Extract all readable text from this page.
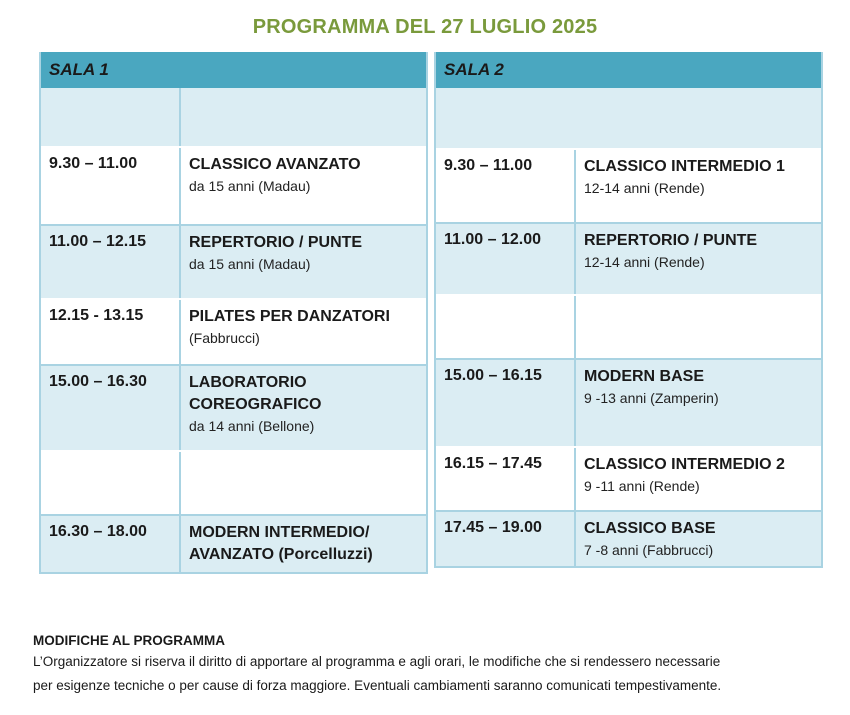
PROGRAMMA DEL 27 LUGLIO 2025
SALA 1
9.30 – 11.00	CLASSICO AVANZATO
da 15 anni (Madau)
11.00 – 12.15	REPERTORIO / PUNTE
da 15 anni (Madau)
12.15 - 13.15	PILATES PER DANZATORI
(Fabbrucci)
15.00 – 16.30	LABORATORIO COREOGRAFICO
da 14 anni (Bellone)
16.30 – 18.00	MODERN INTERMEDIO/ AVANZATO (Porcelluzzi)
SALA 2
9.30 – 11.00	CLASSICO INTERMEDIO 1
12-14 anni (Rende)
11.00 – 12.00	REPERTORIO / PUNTE
12-14 anni (Rende)
15.00 – 16.15	MODERN BASE
9 -13 anni (Zamperin)
16.15 – 17.45	CLASSICO INTERMEDIO 2
9 -11 anni (Rende)
17.45 – 19.00	CLASSICO BASE
7 -8 anni (Fabbrucci)
MODIFICHE AL PROGRAMMA
L’Organizzatore si riserva il diritto di apportare al programma e agli orari, le modifiche che si rendessero necessarie
per esigenze tecniche o per cause di forza maggiore. Eventuali cambiamenti saranno comunicati tempestivamente.
